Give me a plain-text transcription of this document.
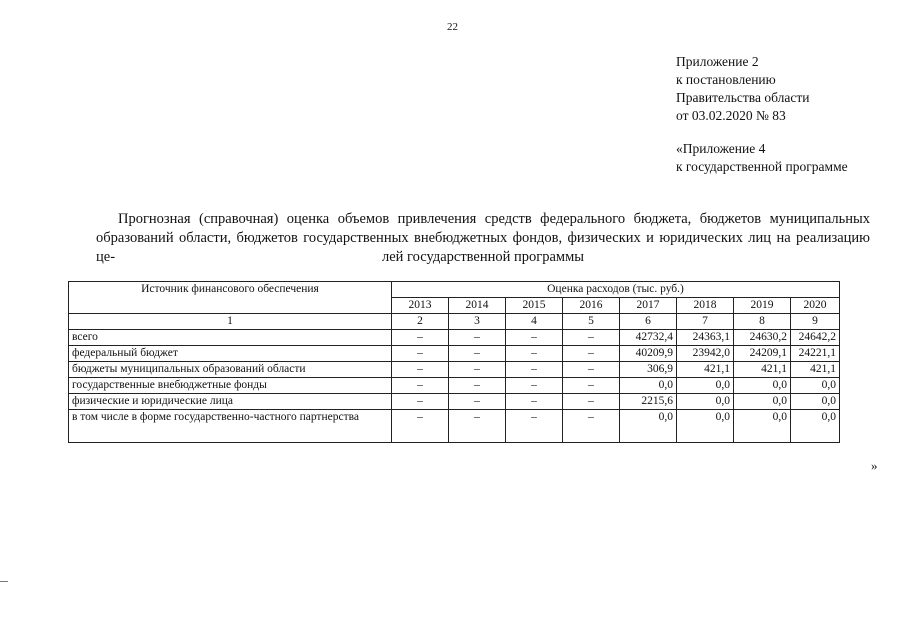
22
Приложение 2
к постановлению
Правительства области
от 03.02.2020 № 83
«Приложение 4
к государственной программе
Прогнозная (справочная) оценка объемов привлечения средств федерального бюджета, бюджетов муниципальных образований области, бюджетов государственных внебюджетных фондов, физических и юридических лиц на реализацию це-	лей государственной программы
Источник финансового обеспечения	Оценка расходов (тыс. руб.)							
	2013	2014	2015	2016	2017	2018	2019	2020
1	2	3	4	5	6	7	8	9
всего	–	–	–	–	42732,4	24363,1	24630,2	24642,2
федеральный бюджет	–	–	–	–	40209,9	23942,0	24209,1	24221,1
бюджеты муниципальных образований области	–	–	–	–	306,9	421,1	421,1	421,1
государственные внебюджетные фонды	–	–	–	–	0,0	0,0	0,0	0,0
физические и юридические лица	–	–	–	–	2215,6	0,0	0,0	0,0
в том числе в форме государственно-частного партнерства	–	–	–	–	0,0	0,0	0,0	0,0
»
